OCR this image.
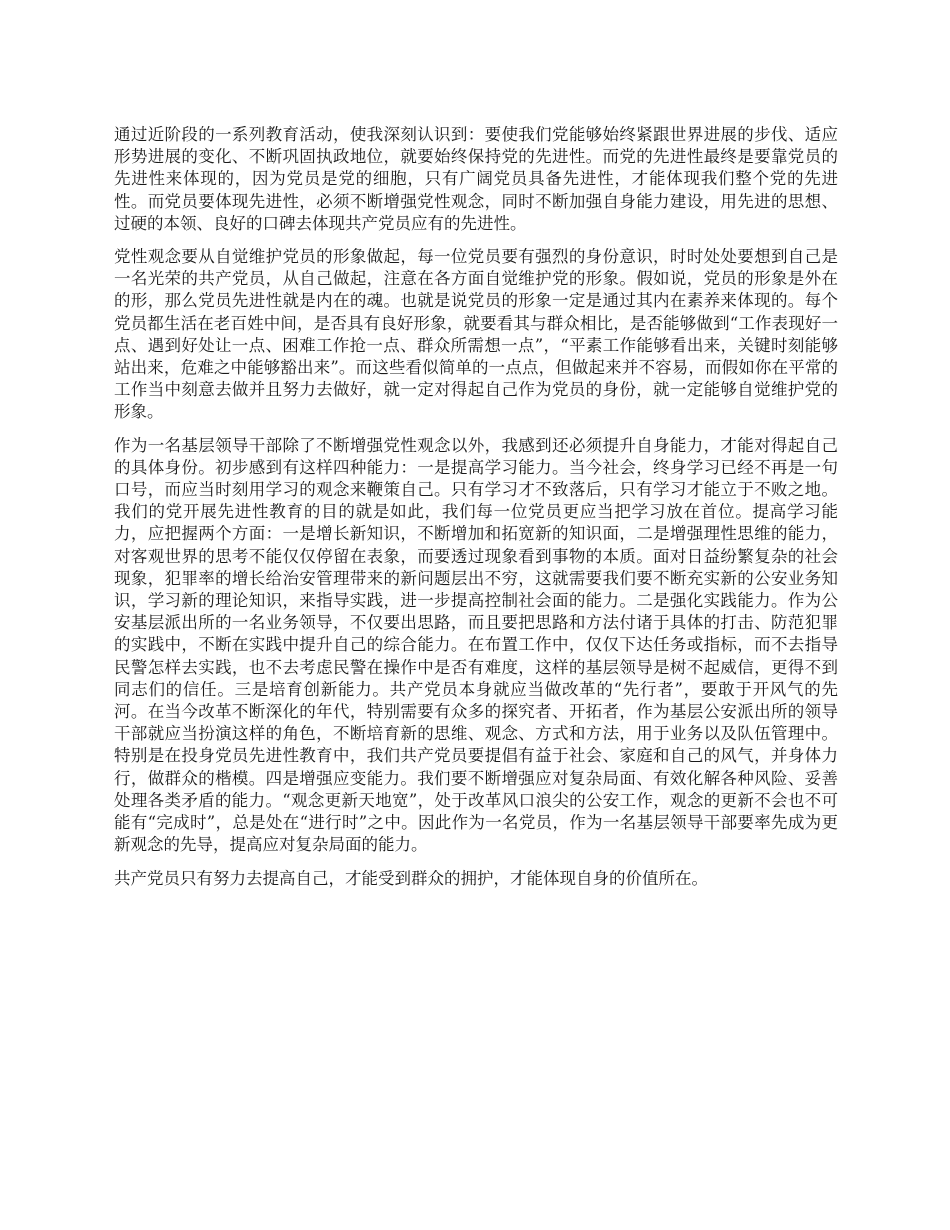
通过近阶段的一系列教育活动，使我深刻认识到：要使我们党能够始终紧跟世界进展的步伐、适应形势进展的变化、不断巩固执政地位，就要始终保持党的先进性。而党的先进性最终是要靠党员的先进性来体现的，因为党员是党的细胞，只有广阔党员具备先进性，才能体现我们整个党的先进性。而党员要体现先进性，必须不断增强党性观念，同时不断加强自身能力建设，用先进的思想、过硬的本领、良好的口碑去体现共产党员应有的先进性。

党性观念要从自觉维护党员的形象做起，每一位党员要有强烈的身份意识，时时处处要想到自己是一名光荣的共产党员，从自己做起，注意在各方面自觉维护党的形象。假如说，党员的形象是外在的形，那么党员先进性就是内在的魂。也就是说党员的形象一定是通过其内在素养来体现的。每个党员都生活在老百姓中间，是否具有良好形象，就要看其与群众相比，是否能够做到“工作表现好一点、遇到好处让一点、困难工作抢一点、群众所需想一点”，“平素工作能够看出来，关键时刻能够站出来，危难之中能够豁出来”。而这些看似简单的一点点，但做起来并不容易，而假如你在平常的工作当中刻意去做并且努力去做好，就一定对得起自己作为党员的身份，就一定能够自觉维护党的形象。

作为一名基层领导干部除了不断增强党性观念以外，我感到还必须提升自身能力，才能对得起自己的具体身份。初步感到有这样四种能力：一是提高学习能力。当今社会，终身学习已经不再是一句口号，而应当时刻用学习的观念来鞭策自己。只有学习才不致落后，只有学习才能立于不败之地。我们的党开展先进性教育的目的就是如此，我们每一位党员更应当把学习放在首位。提高学习能力，应把握两个方面：一是增长新知识，不断增加和拓宽新的知识面，二是增强理性思维的能力，对客观世界的思考不能仅仅停留在表象，而要透过现象看到事物的本质。面对日益纷繁复杂的社会现象，犯罪率的增长给治安管理带来的新问题层出不穷，这就需要我们要不断充实新的公安业务知识，学习新的理论知识，来指导实践，进一步提高控制社会面的能力。二是强化实践能力。作为公安基层派出所的一名业务领导，不仅要出思路，而且要把思路和方法付诸于具体的打击、防范犯罪的实践中，不断在实践中提升自己的综合能力。在布置工作中，仅仅下达任务或指标，而不去指导民警怎样去实践，也不去考虑民警在操作中是否有难度，这样的基层领导是树不起威信，更得不到同志们的信任。三是培育创新能力。共产党员本身就应当做改革的“先行者”，要敢于开风气的先河。在当今改革不断深化的年代，特别需要有众多的探究者、开拓者，作为基层公安派出所的领导干部就应当扮演这样的角色，不断培育新的思维、观念、方式和方法，用于业务以及队伍管理中。特别是在投身党员先进性教育中，我们共产党员要提倡有益于社会、家庭和自己的风气，并身体力行，做群众的楷模。四是增强应变能力。我们要不断增强应对复杂局面、有效化解各种风险、妥善处理各类矛盾的能力。“观念更新天地宽”，处于改革风口浪尖的公安工作，观念的更新不会也不可能有“完成时”，总是处在“进行时”之中。因此作为一名党员，作为一名基层领导干部要率先成为更新观念的先导，提高应对复杂局面的能力。

共产党员只有努力去提高自己，才能受到群众的拥护，才能体现自身的价值所在。
